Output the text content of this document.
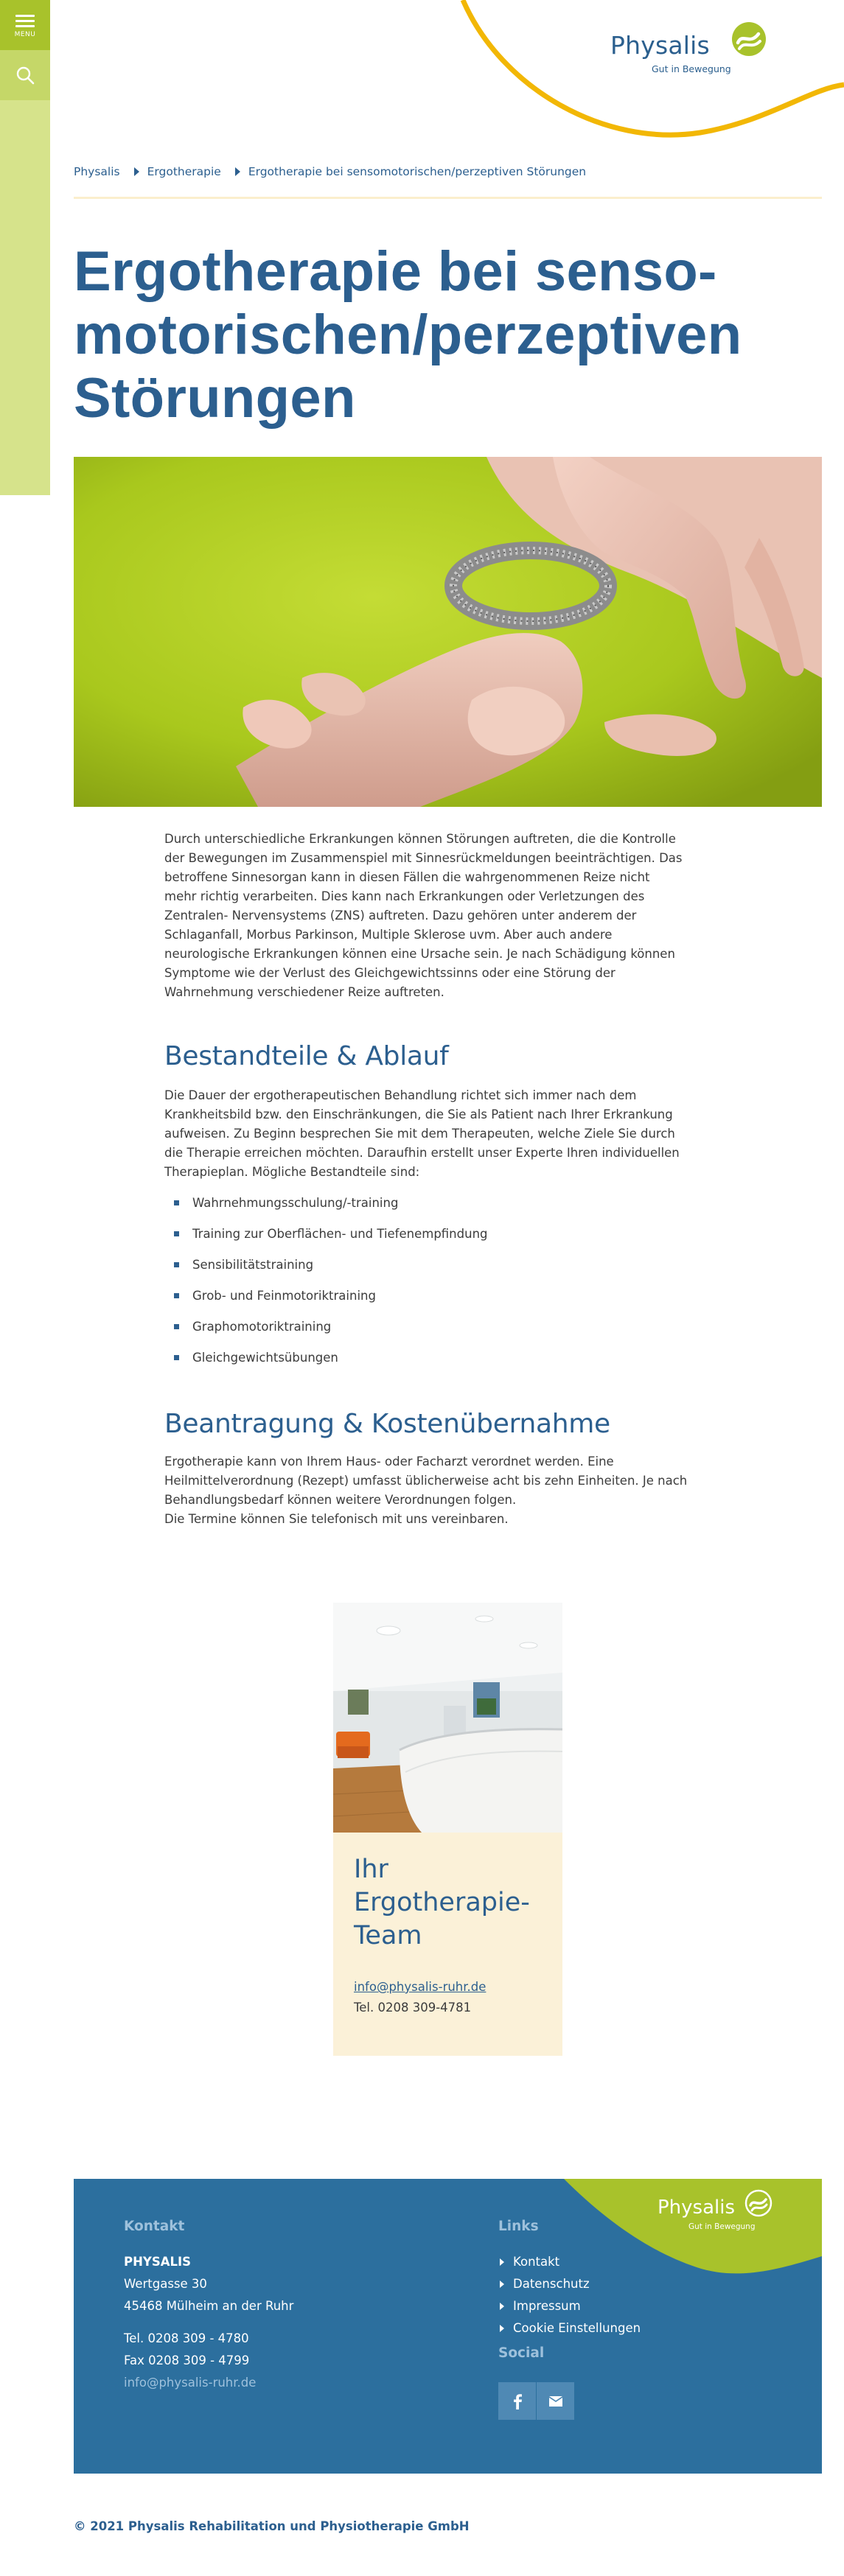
MENU	Physalis
Gut in Bewegung
Physalis Ergotherapie Ergotherapie bei sensomotorischen/perzeptiven Störungen
Ergotherapie bei senso-
motorischen/perzeptiven
Störungen
Durch unterschiedliche Erkrankungen können Störungen auftreten, die die Kontrolle
der Bewegungen im Zusammenspiel mit Sinnesrückmeldungen beeinträchtigen. Das
betroffene Sinnesorgan kann in diesen Fällen die wahrgenommenen Reize nicht
mehr richtig verarbeiten. Dies kann nach Erkrankungen oder Verletzungen des
Zentralen- Nervensystems (ZNS) auftreten. Dazu gehören unter anderem der
Schlaganfall, Morbus Parkinson, Multiple Sklerose uvm. Aber auch andere
neurologische Erkrankungen können eine Ursache sein. Je nach Schädigung können
Symptome wie der Verlust des Gleichgewichtssinns oder eine Störung der
Wahrnehmung verschiedener Reize auftreten.
Bestandteile & Ablauf
Die Dauer der ergotherapeutischen Behandlung richtet sich immer nach dem
Krankheitsbild bzw. den Einschränkungen, die Sie als Patient nach Ihrer Erkrankung
aufweisen. Zu Beginn besprechen Sie mit dem Therapeuten, welche Ziele Sie durch
die Therapie erreichen möchten. Daraufhin erstellt unser Experte Ihren individuellen
Therapieplan. Mögliche Bestandteile sind:
Wahrnehmungsschulung/-training
Training zur Oberflächen- und Tiefenempfindung
Sensibilitätstraining
Grob- und Feinmotoriktraining
Graphomotoriktraining
Gleichgewichtsübungen
Beantragung & Kostenübernahme
Ergotherapie kann von Ihrem Haus- oder Facharzt verordnet werden. Eine
Heilmittelverordnung (Rezept) umfasst üblicherweise acht bis zehn Einheiten. Je nach
Behandlungsbedarf können weitere Verordnungen folgen.
Die Termine können Sie telefonisch mit uns vereinbaren.
Ihr
Ergotherapie-
Team
info@physalis-ruhr.de
Tel. 0208 309-4781
Physalis
Gut in Bewegung
Kontakt
PHYSALIS
Wertgasse 30
45468 Mülheim an der Ruhr
Tel. 0208 309 - 4780
Fax 0208 309 - 4799
info@physalis-ruhr.de
Links
Kontakt
Datenschutz
Impressum
Cookie Einstellungen
Social
© 2021 Physalis Rehabilitation und Physiotherapie GmbH
